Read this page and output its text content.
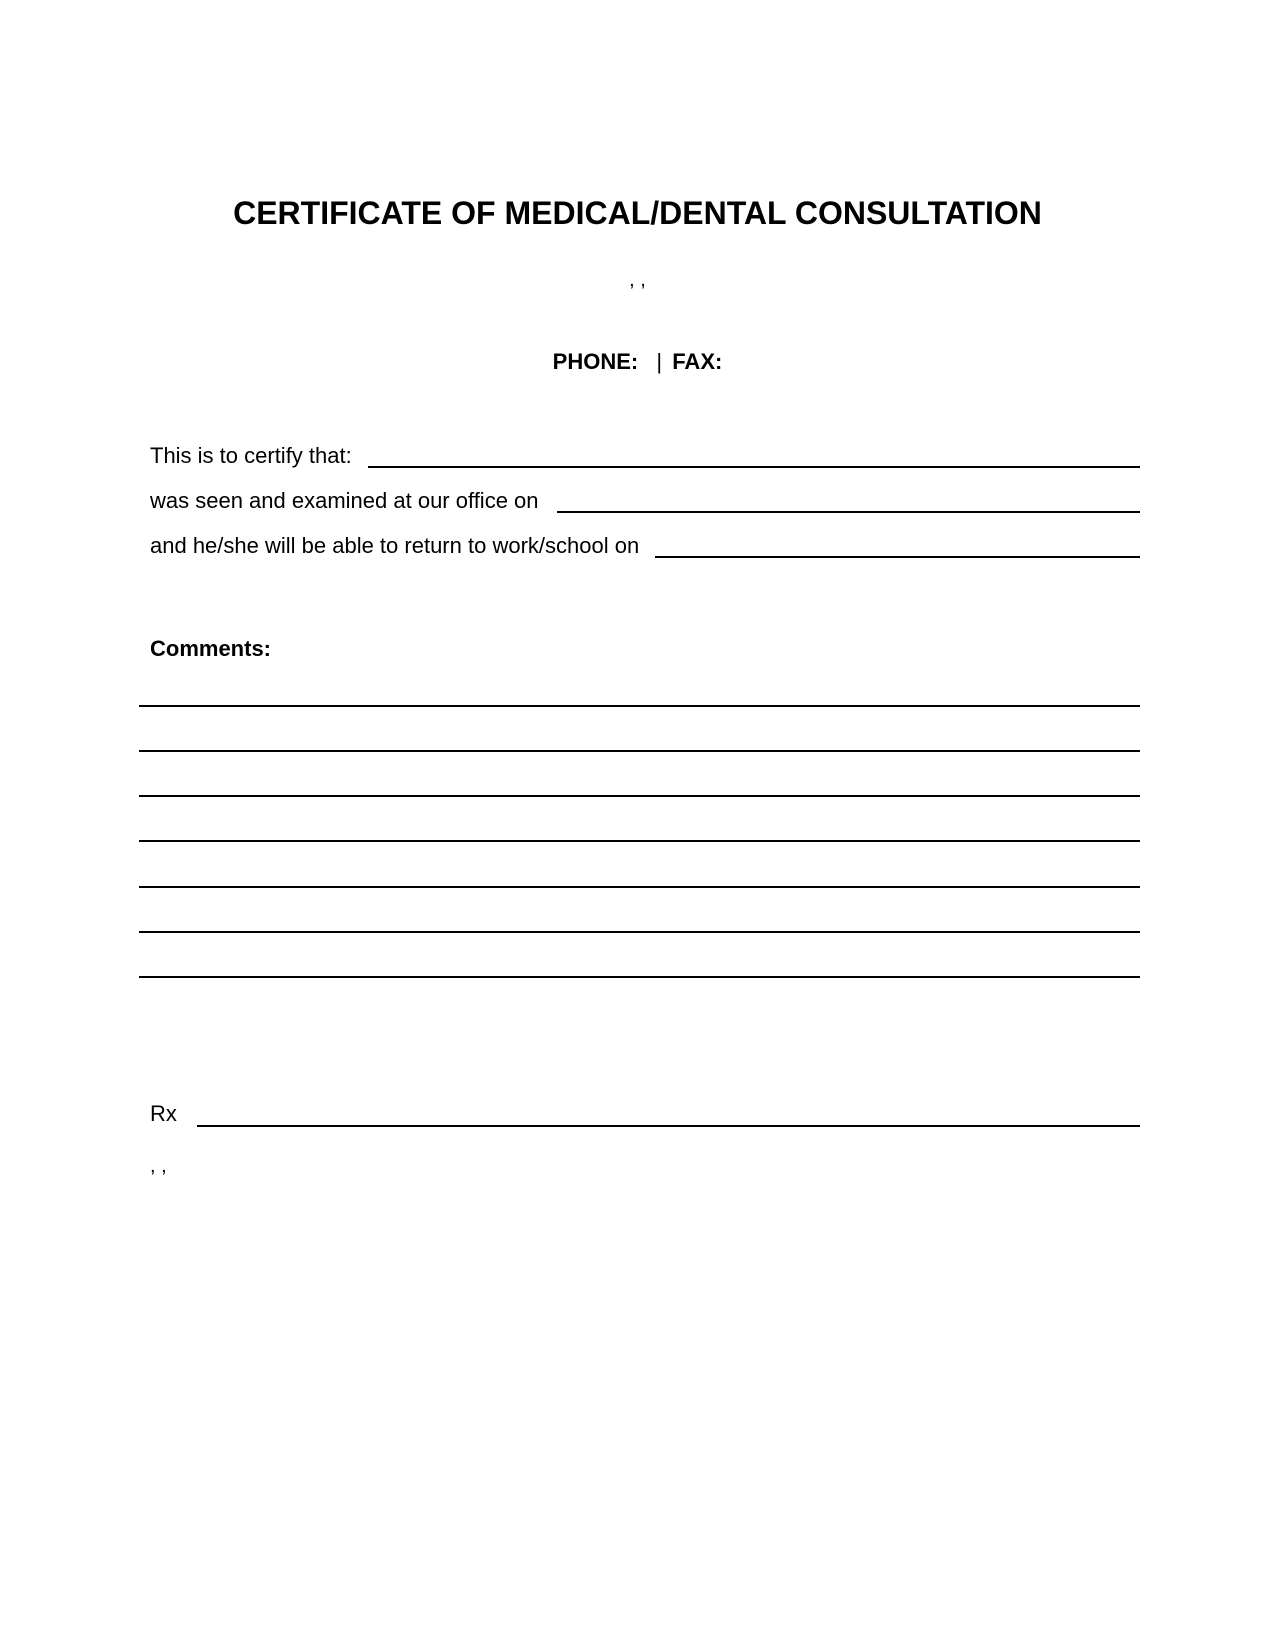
CERTIFICATE OF MEDICAL/DENTAL CONSULTATION
, ,
PHONE: | FAX:
This is to certify that:
was seen and examined at our office on
and he/she will be able to return to work/school on
Comments:
Rx
, ,
